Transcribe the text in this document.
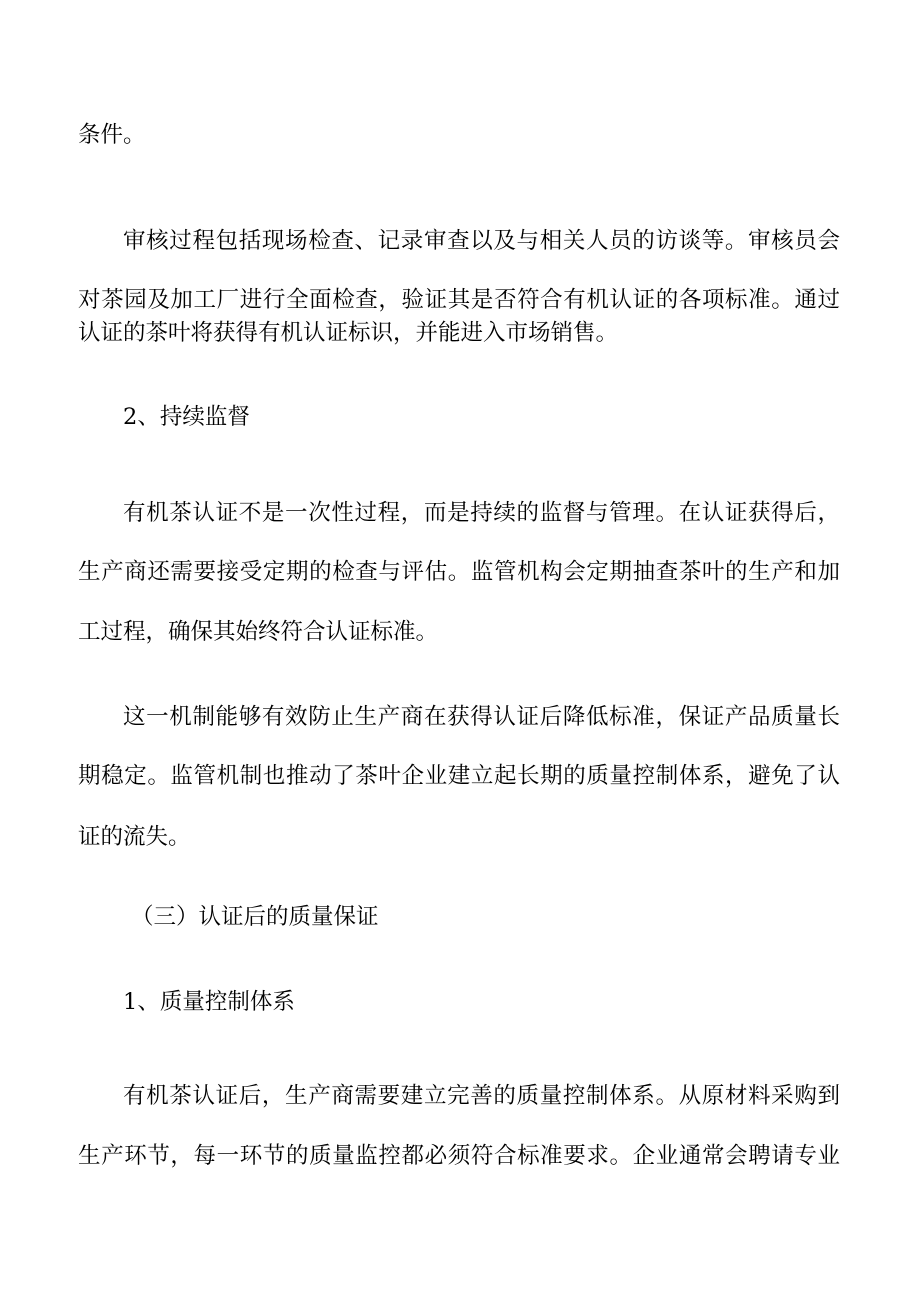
条件。
审核过程包括现场检查、记录审查以及与相关人员的访谈等。审核员会
对茶园及加工厂进行全面检查，验证其是否符合有机认证的各项标准。通过
认证的茶叶将获得有机认证标识，并能进入市场销售。
2、持续监督
有机茶认证不是一次性过程，而是持续的监督与管理。在认证获得后，
生产商还需要接受定期的检查与评估。监管机构会定期抽查茶叶的生产和加
工过程，确保其始终符合认证标准。
这一机制能够有效防止生产商在获得认证后降低标准，保证产品质量长
期稳定。监管机制也推动了茶叶企业建立起长期的质量控制体系，避免了认
证的流失。
（三）认证后的质量保证
1、质量控制体系
有机茶认证后，生产商需要建立完善的质量控制体系。从原材料采购到
生产环节，每一环节的质量监控都必须符合标准要求。企业通常会聘请专业
